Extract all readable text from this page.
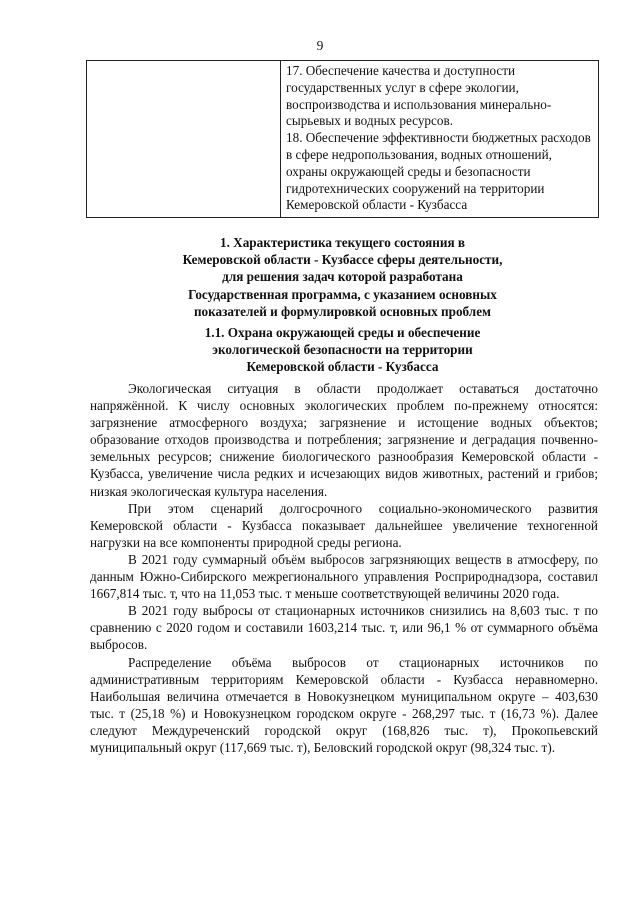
9

17. Обеспечение качества и доступности государственных услуг в сфере экологии, воспроизводства и использования минерально-сырьевых и водных ресурсов.

18. Обеспечение эффективности бюджетных расходов в сфере недропользования, водных отношений, охраны окружающей среды и безопасности гидротехнических сооружений на территории Кемеровской области - Кузбасса

1. Характеристика текущего состояния в

Кемеровской области - Кузбассе сферы деятельности,

для решения задач которой разработана

Государственная программа, с указанием основных

показателей и формулировкой основных проблем

1.1. Охрана окружающей среды и обеспечение

экологической безопасности на территории

Кемеровской области - Кузбасса

Экологическая ситуация в области продолжает оставаться достаточно напряжённой. К числу основных экологических проблем по-прежнему относятся: загрязнение атмосферного воздуха; загрязнение и истощение водных объектов; образование отходов производства и потребления; загрязнение и деградация почвенно-земельных ресурсов; снижение биологического разнообразия Кемеровской области - Кузбасса, увеличение числа редких и исчезающих видов животных, растений и грибов; низкая экологическая культура населения.

При этом сценарий долгосрочного социально-экономического развития Кемеровской области - Кузбасса показывает дальнейшее увеличение техногенной нагрузки на все компоненты природной среды региона.

В 2021 году суммарный объём выбросов загрязняющих веществ в атмосферу, по данным Южно-Сибирского межрегионального управления Росприроднадзора, составил 1667,814 тыс. т, что на 11,053 тыс. т меньше соответствующей величины 2020 года.

В 2021 году выбросы от стационарных источников снизились на 8,603 тыс. т по сравнению с 2020 годом и составили 1603,214 тыс. т, или 96,1 % от суммарного объёма выбросов.

Распределение объёма выбросов от стационарных источников по административным территориям Кемеровской области - Кузбасса неравномерно. Наибольшая величина отмечается в Новокузнецком муниципальном округе – 403,630 тыс. т (25,18 %) и Новокузнецком городском округе - 268,297 тыс. т (16,73 %). Далее следуют Междуреченский городской округ (168,826 тыс. т), Прокопьевский муниципальный округ (117,669 тыс. т), Беловский городской округ (98,324 тыс. т).
